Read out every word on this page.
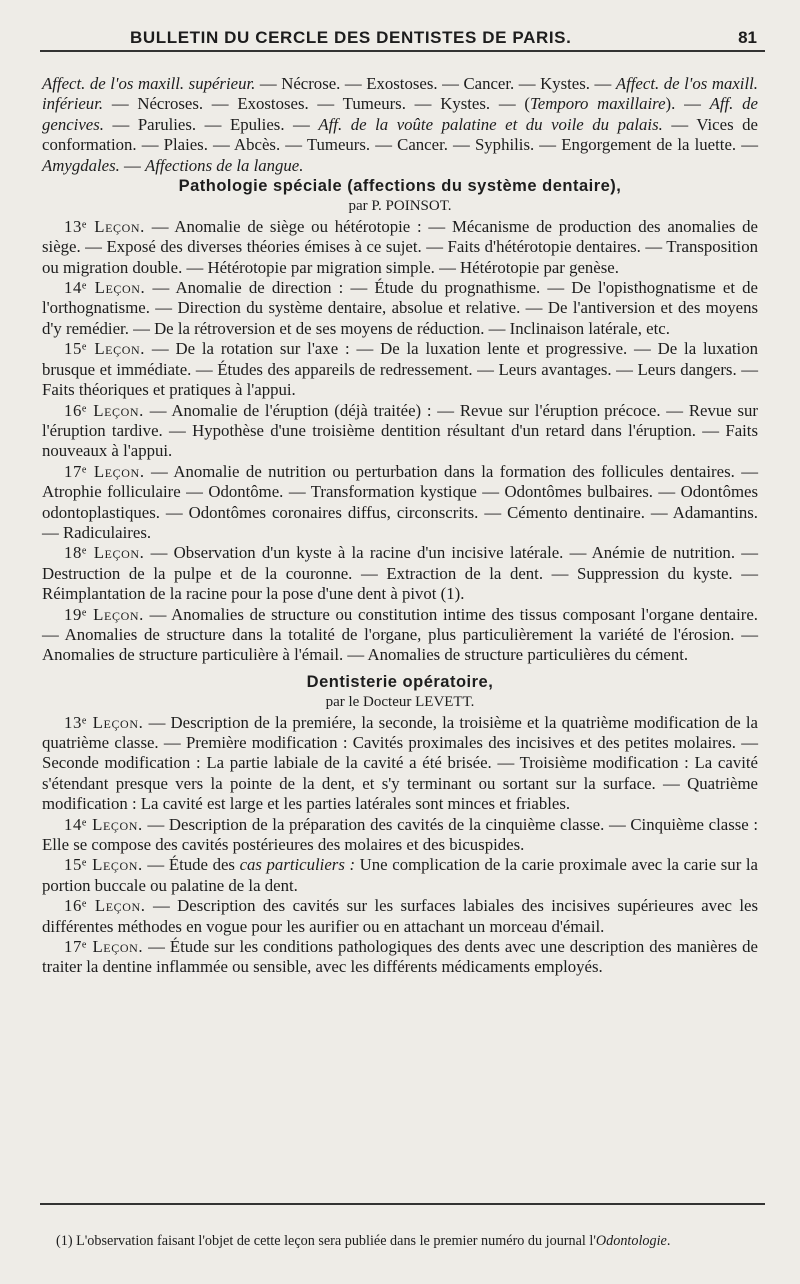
BULLETIN DU CERCLE DES DENTISTES DE PARIS.	81

Affect. de l'os maxill. supérieur. — Nécrose. — Exostoses. — Cancer. — Kystes. — Affect. de l'os maxill. inférieur. — Nécroses. — Exostoses. — Tumeurs. — Kystes. — (Temporo maxillaire). — Aff. de gencives. — Parulies. — Epulies. — Aff. de la voûte palatine et du voile du palais. — Vices de conformation. — Plaies. — Abcès. — Tumeurs. — Cancer. — Syphilis. — Engorgement de la luette. — Amygdales. — Affections de la langue.

Pathologie spéciale (affections du système dentaire),

par P. POINSOT.

13ᵉ Leçon. — Anomalie de siège ou hétérotopie : — Mécanisme de production des anomalies de siège. — Exposé des diverses théories émises à ce sujet. — Faits d'hétérotopie dentaires. — Transposition ou migration double. — Hétérotopie par migration simple. — Hétérotopie par genèse.

14ᵉ Leçon. — Anomalie de direction : — Étude du prognathisme. — De l'opisthognatisme et de l'orthognatisme. — Direction du système dentaire, absolue et relative. — De l'antiversion et des moyens d'y remédier. — De la rétroversion et de ses moyens de réduction. — Inclinaison latérale, etc.

15ᵉ Leçon. — De la rotation sur l'axe : — De la luxation lente et progressive. — De la luxation brusque et immédiate. — Études des appareils de redressement. — Leurs avantages. — Leurs dangers. — Faits théoriques et pratiques à l'appui.

16ᵉ Leçon. — Anomalie de l'éruption (déjà traitée) : — Revue sur l'éruption précoce. — Revue sur l'éruption tardive. — Hypothèse d'une troisième dentition résultant d'un retard dans l'éruption. — Faits nouveaux à l'appui.

17ᵉ Leçon. — Anomalie de nutrition ou perturbation dans la formation des follicules dentaires. — Atrophie folliculaire — Odontôme. — Transformation kystique — Odontômes bulbaires. — Odontômes odontoplastiques. — Odontômes coronaires diffus, circonscrits. — Cémento dentinaire. — Adamantins. — Radiculaires.

18ᵉ Leçon. — Observation d'un kyste à la racine d'un incisive latérale. — Anémie de nutrition. — Destruction de la pulpe et de la couronne. — Extraction de la dent. — Suppression du kyste. — Réimplantation de la racine pour la pose d'une dent à pivot (1).

19ᵉ Leçon. — Anomalies de structure ou constitution intime des tissus composant l'organe dentaire. — Anomalies de structure dans la totalité de l'organe, plus particulièrement la variété de l'érosion. — Anomalies de structure particulière à l'émail. — Anomalies de structure particulières du cément.

Dentisterie opératoire,

par le Docteur LEVETT.

13ᵉ Leçon. — Description de la premiére, la seconde, la troisième et la quatrième modification de la quatrième classe. — Première modification : Cavités proximales des incisives et des petites molaires. — Seconde modification : La partie labiale de la cavité a été brisée. — Troisième modification : La cavité s'étendant presque vers la pointe de la dent, et s'y terminant ou sortant sur la surface. — Quatrième modification : La cavité est large et les parties latérales sont minces et friables.

14ᵉ Leçon. — Description de la préparation des cavités de la cinquième classe. — Cinquième classe : Elle se compose des cavités postérieures des molaires et des bicuspides.

15ᵉ Leçon. — Étude des cas particuliers : Une complication de la carie proximale avec la carie sur la portion buccale ou palatine de la dent.

16ᵉ Leçon. — Description des cavités sur les surfaces labiales des incisives supérieures avec les différentes méthodes en vogue pour les aurifier ou en attachant un morceau d'émail.

17ᵉ Leçon. — Étude sur les conditions pathologiques des dents avec une description des manières de traiter la dentine inflammée ou sensible, avec les différents médicaments employés.

(1) L'observation faisant l'objet de cette leçon sera publiée dans le premier numéro du journal l'Odontologie.
